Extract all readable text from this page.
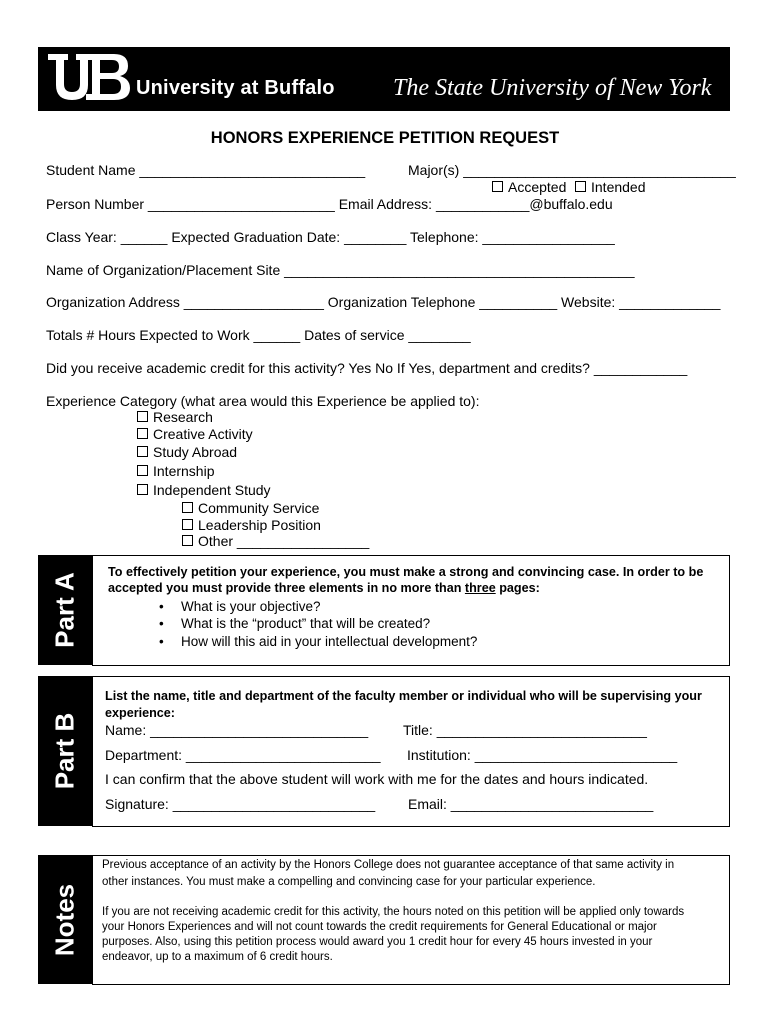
University at Buffalo The State University of New York
HONORS EXPERIENCE PETITION REQUEST
Student Name _____________________________	Major(s) ___________________________________
Accepted	Intended
Person Number ________________________ Email Address: ____________@buffalo.edu
Class Year: ______ Expected Graduation Date: ________ Telephone: _________________
Name of Organization/Placement Site _____________________________________________
Organization Address __________________ Organization Telephone __________ Website: _____________
Totals # Hours Expected to Work ______ Dates of service ________
Did you receive academic credit for this activity? Yes No If Yes, department and credits? ____________
Experience Category (what area would this Experience be applied to):
Research
Creative Activity
Study Abroad
Internship
Independent Study
Community Service
Leadership Position
Other _________________
Part A
To effectively petition your experience, you must make a strong and convincing case. In order to be
accepted you must provide three elements in no more than three pages:
• What is your objective?
• What is the “product” that will be created?
• How will this aid in your intellectual development?
Part B
List the name, title and department of the faculty member or individual who will be supervising your
experience:
Name: ____________________________ Title: ___________________________
Department: _________________________ Institution: __________________________
I can confirm that the above student will work with me for the dates and hours indicated.
Signature: __________________________ Email: __________________________
Notes
Previous acceptance of an activity by the Honors College does not guarantee acceptance of that same activity in
other instances. You must make a compelling and convincing case for your particular experience.
If you are not receiving academic credit for this activity, the hours noted on this petition will be applied only towards
your Honors Experiences and will not count towards the credit requirements for General Educational or major
purposes. Also, using this petition process would award you 1 credit hour for every 45 hours invested in your
endeavor, up to a maximum of 6 credit hours.
